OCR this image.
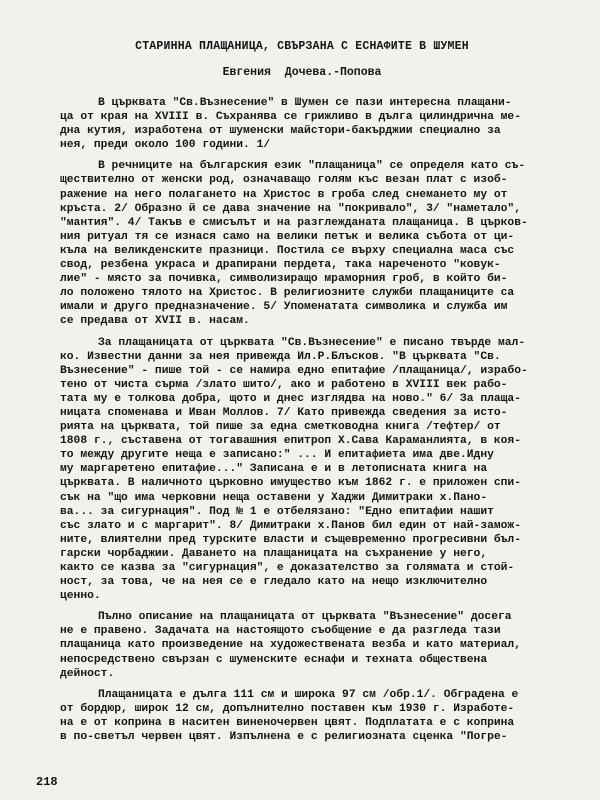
СТАРИННА ПЛАЩАНИЦА, СВЪРЗАНА С ЕСНАФИТЕ В ШУМЕН
Евгения Дочева.-Попова
В църквата "Св.Възнесение" в Шумен се пази интересна плащани-
ца от края на XVIII в. Съхранява се грижливо в дълга цилиндрична ме-
дна кутия, изработена от шуменски майстори-бакърджии специално за
нея, преди около 100 години. 1/
В речниците на българския език "плащаница" се определя като съ-
ществително от женски род, означаващо голям къс везан плат с изоб-
ражение на него полагането на Христос в гроба след снемането му от
кръста. 2/ Образно й се дава значение на "покривало", 3/ "наметало",
"мантия". 4/ Такъв е смисълът и на разглежданата плащаница. В църков-
ния ритуал тя се изнася само на велики петък и велика събота от ци-
къла на великденските празници. Постила се върху специална маса със
свод, резбена украса и драпирани пердета, така нареченото "ковук-
лие" - място за почивка, символизиращо мраморния гроб, в който би-
ло положено тялото на Христос. В религиозните служби плащаниците са
имали и друго предназначение. 5/ Упоменатата символика и служба им
се предава от XVII в. насам.
За плащаницата от църквата "Св.Възнесение" е писано твърде мал-
ко. Известни данни за нея привежда Ил.Р.Блъсков. "В църквата "Св.
Възнесение" - пише той - се намира едно епитафие /плащаница/, израбо-
тено от чиста сърма /злато шито/, ако и работено в XVIII век рабо-
тата му е толкова добра, щото и днес изглядва на ново." 6/ За плаща-
ницата споменава и Иван Моллов. 7/ Като привежда сведения за исто-
рията на църквата, той пише за една сметководна книга /тефтер/ от
1808 г., съставена от тогавашния епитроп Х.Сава Караманлията, в коя-
то между другите неща е записано:" ... И епитафиета има две.Идну
му маргаретено епитафие..." Записана е и в летописната книга на
църквата. В наличното църковно имущество към 1862 г. е приложен спи-
сък на "що има черковни неща оставени у Хаджи Димитраки х.Пано-
ва... за сигурнация". Под № 1 е отбелязано: "Едно епитафии нашит
със злато и с маргарит". 8/ Димитраки х.Панов бил един от най-замож-
ните, влиятелни пред турските власти и същевременно прогресивни бъл-
гарски чорбаджии. Даването на плащаницата на съхранение у него,
както се казва за "сигурнация", е доказателство за голямата и стой-
ност, за това, че на нея се е гледало като на нещо изключително
ценно.
Пълно описание на плащаницата от църквата "Възнесение" досега
не е правено. Задачата на настоящото съобщение е да разгледа тази
плащаница като произведение на художествената везба и като материал,
непосредствено свързан с шуменските еснафи и техната обществена
дейност.
Плащаницата е дълга 111 см и широка 97 см /обр.1/. Обградена е
от бордюр, широк 12 см, допълнително поставен към 1930 г. Изработе-
на е от коприна в наситен виненочервен цвят. Подплатата е с коприна
в по-светъл червен цвят. Изпълнена е с религиозната сценка "Погре-
218
